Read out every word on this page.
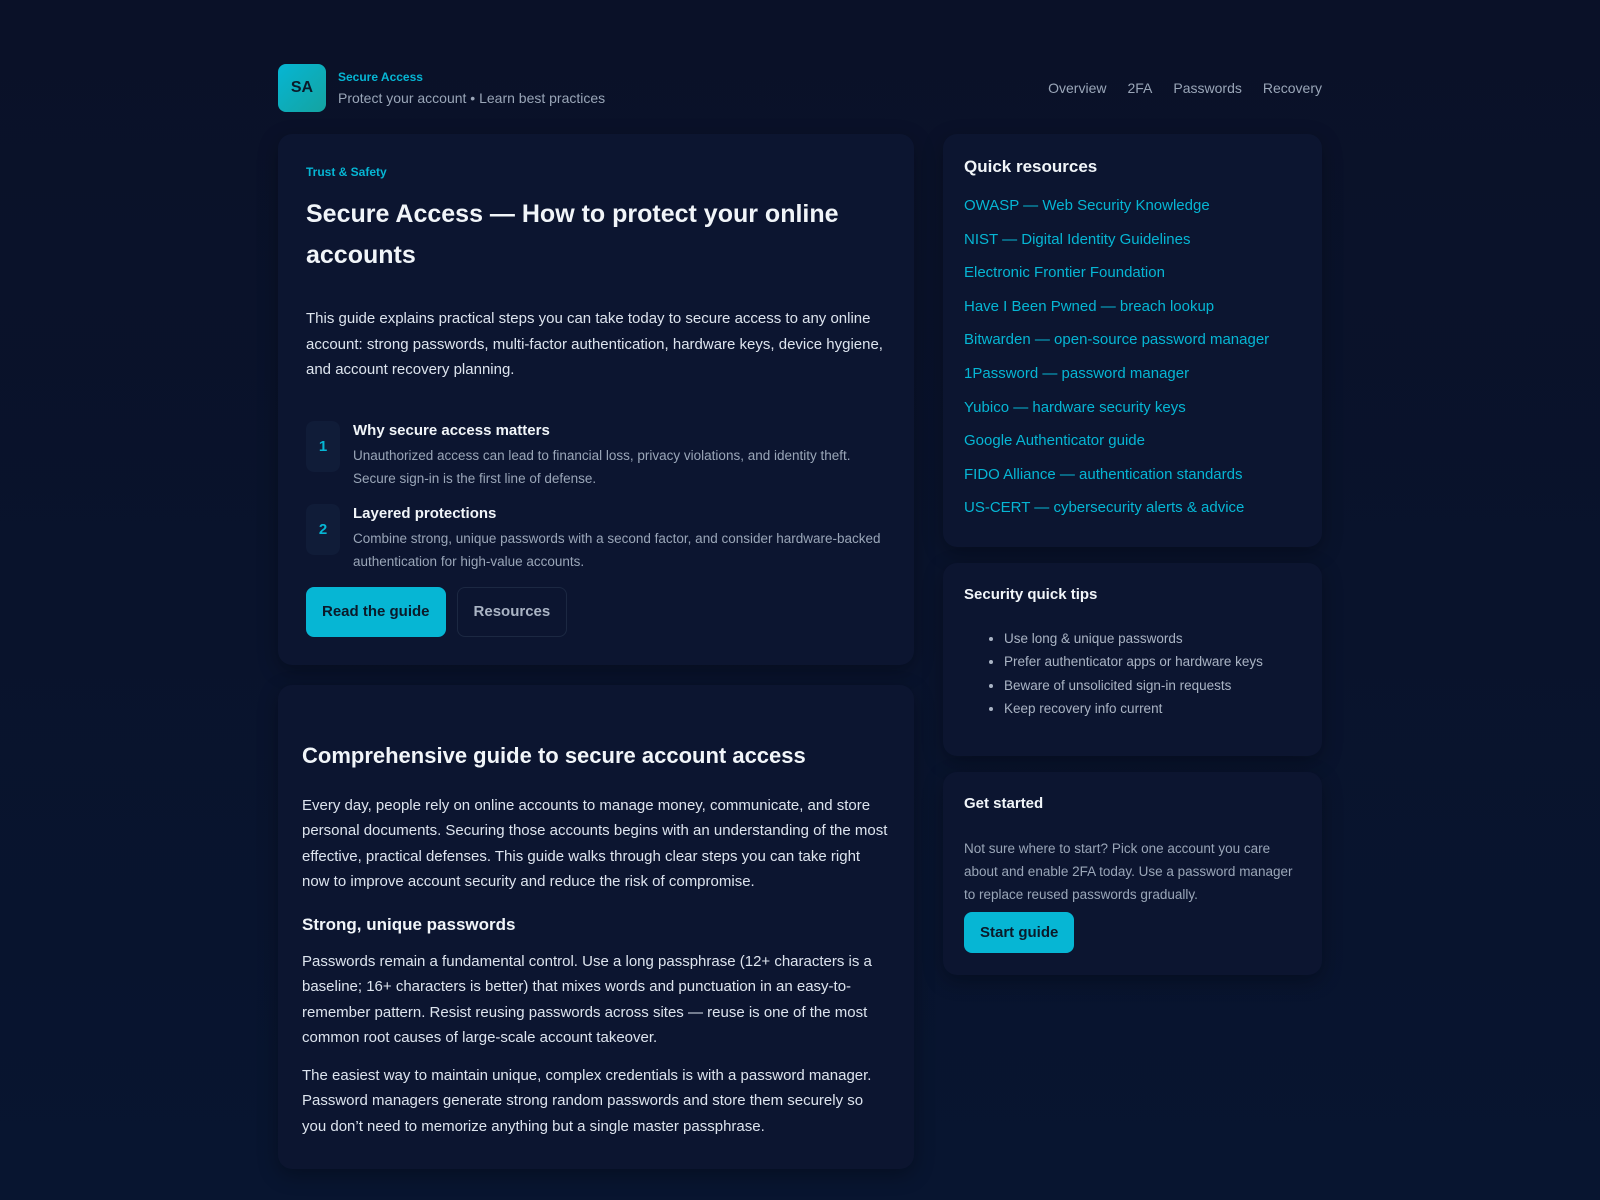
SA
Secure Access
Protect your account • Learn best practices
Overview 2FA Passwords Recovery
Trust & Safety
Secure Access — How to protect your online accounts

This guide explains practical steps you can take today to secure access to any online account: strong passwords, multi-factor authentication, hardware keys, device hygiene, and account recovery planning.

1
Why secure access matters

Unauthorized access can lead to financial loss, privacy violations, and identity theft. Secure sign-in is the first line of defense.

2
Layered protections

Combine strong, unique passwords with a second factor, and consider hardware-backed authentication for high-value accounts.

Read the guide	Resources
Comprehensive guide to secure account access

Every day, people rely on online accounts to manage money, communicate, and store personal documents. Securing those accounts begins with an understanding of the most effective, practical defenses. This guide walks through clear steps you can take right now to improve account security and reduce the risk of compromise.

Strong, unique passwords

Passwords remain a fundamental control. Use a long passphrase (12+ characters is a baseline; 16+ characters is better) that mixes words and punctuation in an easy-to-remember pattern. Resist reusing passwords across sites — reuse is one of the most common root causes of large-scale account takeover.

The easiest way to maintain unique, complex credentials is with a password manager. Password managers generate strong random passwords and store them securely so you don’t need to memorize anything but a single master passphrase.

Quick resources
OWASP — Web Security Knowledge
NIST — Digital Identity Guidelines
Electronic Frontier Foundation
Have I Been Pwned — breach lookup
Bitwarden — open-source password manager
1Password — password manager
Yubico — hardware security keys
Google Authenticator guide
FIDO Alliance — authentication standards
US-CERT — cybersecurity alerts & advice
Security quick tips
• Use long & unique passwords
• Prefer authenticator apps or hardware keys
• Beware of unsolicited sign-in requests
• Keep recovery info current
Get started

Not sure where to start? Pick one account you care about and enable 2FA today. Use a password manager to replace reused passwords gradually.

Start guide
